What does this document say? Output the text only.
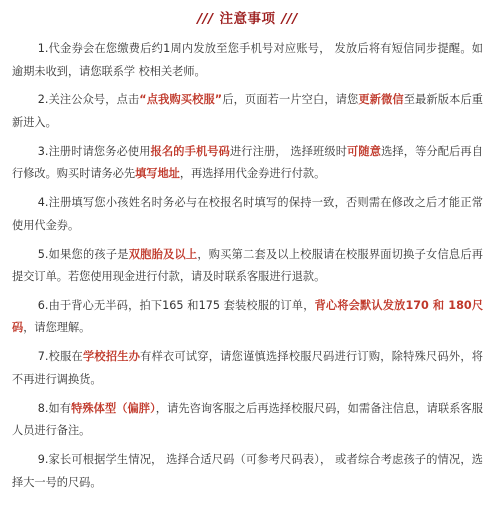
/// 注意事项 ///
1.代金券会在您缴费后约1周内发放至您手机号对应账号， 发放后将有短信同步提醒。如逾期未收到，请您联系学 校相关老师。
2.关注公众号，点击“点我购买校服”后，页面若一片空白，请您更新微信至最新版本后重新进入。
3.注册时请您务必使用报名的手机号码进行注册， 选择班级时可随意选择，等分配后再自行修改。购买时请务必先填写地址，再选择用代金券进行付款。
4.注册填写您小孩姓名时务必与在校报名时填写的保持一致，否则需在修改之后才能正常使用代金券。
5.如果您的孩子是双胞胎及以上，购买第二套及以上校服请在校服界面切换子女信息后再提交订单。若您使用现金进行付款，请及时联系客服进行退款。
6.由于背心无半码，拍下165 和175 套装校服的订单，背心将会默认发放170 和 180尺码，请您理解。
7.校服在学校招生办有样衣可试穿，请您谨慎选择校服尺码进行订购，除特殊尺码外，将不再进行调换货。
8.如有特殊体型（偏胖），请先咨询客服之后再选择校服尺码，如需备注信息，请联系客服人员进行备注。
9.家长可根据学生情况， 选择合适尺码（可参考尺码表）， 或者综合考虑孩子的情况，选择大一号的尺码。
